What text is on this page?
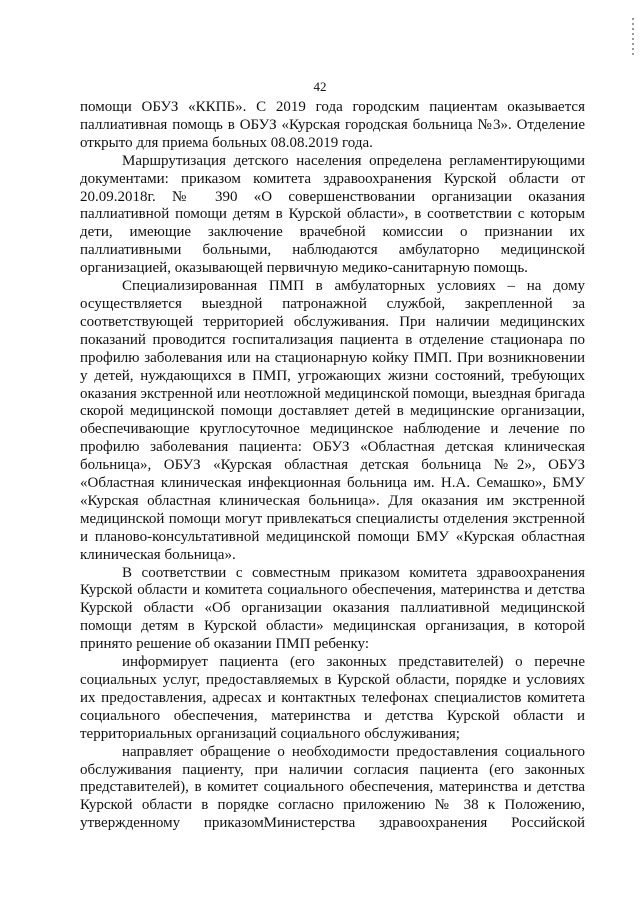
42

помощи ОБУЗ «ККПБ». С 2019 года городским пациентам оказывается паллиативная помощь в ОБУЗ «Курская городская больница №3». Отделение открыто для приема больных 08.08.2019 года.

Маршрутизация детского населения определена регламентирующими документами: приказом комитета здравоохранения Курской области от 20.09.2018г. № 390 «О совершенствовании организации оказания паллиативной помощи детям в Курской области», в соответствии с которым дети, имеющие заключение врачебной комиссии о признании их паллиативными больными, наблюдаются амбулаторно медицинской организацией, оказывающей первичную медико-санитарную помощь.

Специализированная ПМП в амбулаторных условиях – на дому осуществляется выездной патронажной службой, закрепленной за соответствующей территорией обслуживания. При наличии медицинских показаний проводится госпитализация пациента в отделение стационара по профилю заболевания или на стационарную койку ПМП. При возникновении у детей, нуждающихся в ПМП, угрожающих жизни состояний, требующих оказания экстренной или неотложной медицинской помощи, выездная бригада скорой медицинской помощи доставляет детей в медицинские организации, обеспечивающие круглосуточное медицинское наблюдение и лечение по профилю заболевания пациента: ОБУЗ «Областная детская клиническая больница», ОБУЗ «Курская областная детская больница №2», ОБУЗ «Областная клиническая инфекционная больница им. Н.А. Семашко», БМУ «Курская областная клиническая больница». Для оказания им экстренной медицинской помощи могут привлекаться специалисты отделения экстренной и планово-консультативной медицинской помощи БМУ «Курская областная клиническая больница».

В соответствии с совместным приказом комитета здравоохранения Курской области и комитета социального обеспечения, материнства и детства Курской области «Об организации оказания паллиативной медицинской помощи детям в Курской области» медицинская организация, в которой принято решение об оказании ПМП ребенку:

информирует пациента (его законных представителей) о перечне социальных услуг, предоставляемых в Курской области, порядке и условиях их предоставления, адресах и контактных телефонах специалистов комитета социального обеспечения, материнства и детства Курской области и территориальных организаций социального обслуживания;

направляет обращение о необходимости предоставления социального обслуживания пациенту, при наличии согласия пациента (его законных представителей), в комитет социального обеспечения, материнства и детства Курской области в порядке согласно приложению № 38 к Положению, утвержденному приказомМинистерства здравоохранения Российской
